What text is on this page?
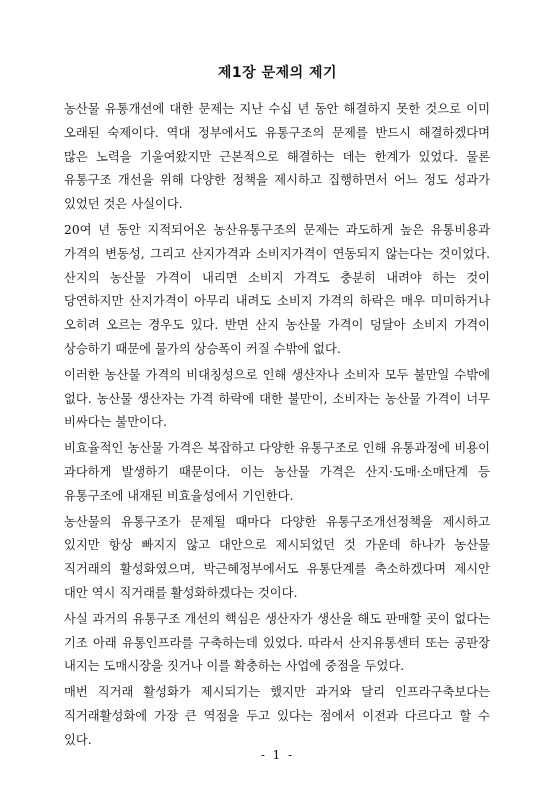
제1장 문제의 제기

농산물 유통개선에 대한 문제는 지난 수십 년 동안 해결하지 못한 것으로 이미 오래된 숙제이다. 역대 정부에서도 유통구조의 문제를 반드시 해결하겠다며 많은 노력을 기울여왔지만 근본적으로 해결하는 데는 한계가 있었다. 물론 유통구조 개선을 위해 다양한 정책을 제시하고 집행하면서 어느 정도 성과가 있었던 것은 사실이다.

20여 년 동안 지적되어온 농산유통구조의 문제는 과도하게 높은 유통비용과 가격의 변동성, 그리고 산지가격과 소비지가격이 연동되지 않는다는 것이었다. 산지의 농산물 가격이 내리면 소비지 가격도 충분히 내려야 하는 것이 당연하지만 산지가격이 아무리 내려도 소비지 가격의 하락은 매우 미미하거나 오히려 오르는 경우도 있다. 반면 산지 농산물 가격이 덩달아 소비지 가격이 상승하기 때문에 물가의 상승폭이 커질 수밖에 없다.

이러한 농산물 가격의 비대칭성으로 인해 생산자나 소비자 모두 불만일 수밖에 없다. 농산물 생산자는 가격 하락에 대한 불만이, 소비자는 농산물 가격이 너무 비싸다는 불만이다.

비효율적인 농산물 가격은 복잡하고 다양한 유통구조로 인해 유통과정에 비용이 과다하게 발생하기 때문이다. 이는 농산물 가격은 산지·도매·소매단계 등 유통구조에 내재된 비효율성에서 기인한다.

농산물의 유통구조가 문제될 때마다 다양한 유통구조개선정책을 제시하고 있지만 항상 빠지지 않고 대안으로 제시되었던 것 가운데 하나가 농산물 직거래의 활성화였으며, 박근혜정부에서도 유통단계를 축소하겠다며 제시안 대안 역시 직거래를 활성화하겠다는 것이다.

사실 과거의 유통구조 개선의 핵심은 생산자가 생산을 해도 판매할 곳이 없다는 기조 아래 유통인프라를 구축하는데 있었다. 따라서 산지유통센터 또는 공판장 내지는 도매시장을 짓거나 이를 확충하는 사업에 중점을 두었다.

매번 직거래 활성화가 제시되기는 했지만 과거와 달리 인프라구축보다는 직거래활성화에 가장 큰 역점을 두고 있다는 점에서 이전과 다르다고 할 수 있다.

- 1 -
